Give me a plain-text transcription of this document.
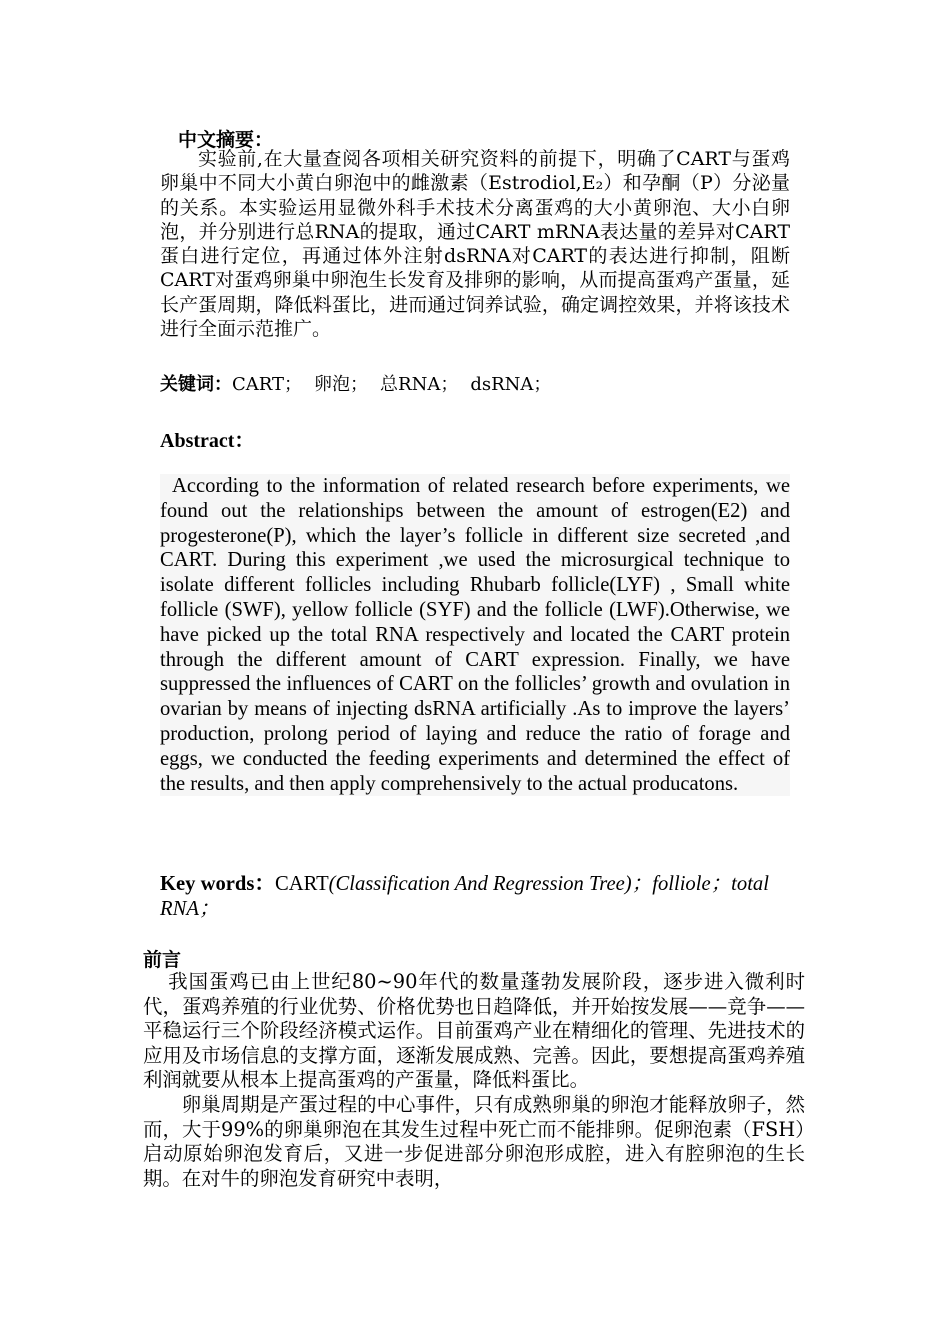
中文摘要：
实验前,在大量查阅各项相关研究资料的前提下，明确了CART与蛋鸡卵巢中不同大小黄白卵泡中的雌激素（Estrodiol,E₂）和孕酮（P）分泌量的关系。本实验运用显微外科手术技术分离蛋鸡的大小黄卵泡、大小白卵泡，并分别进行总RNA的提取，通过CART mRNA表达量的差异对CART蛋白进行定位，再通过体外注射dsRNA对CART的表达进行抑制，阻断CART对蛋鸡卵巢中卵泡生长发育及排卵的影响，从而提高蛋鸡产蛋量，延长产蛋周期，降低料蛋比，进而通过饲养试验，确定调控效果，并将该技术进行全面示范推广。
关键词：CART； 卵泡； 总RNA； dsRNA；
Abstract：
According to the information of related research before experiments, we found out the relationships between the amount of estrogen(E2) and progesterone(P), which the layer’s follicle in different size secreted ,and CART. During this experiment ,we used the microsurgical technique to isolate different follicles including Rhubarb follicle(LYF) , Small white follicle (SWF), yellow follicle (SYF) and the follicle (LWF).Otherwise, we have picked up the total RNA respectively and located the CART protein through the different amount of CART expression. Finally, we have suppressed the influences of CART on the follicles’ growth and ovulation in ovarian by means of injecting dsRNA artificially .As to improve the layers’ production, prolong period of laying and reduce the ratio of forage and eggs, we conducted the feeding experiments and determined the effect of the results, and then apply comprehensively to the actual producatons.
Key words：CART(Classification And Regression Tree)；folliole；total RNA；
前言

我国蛋鸡已由上世纪80~90年代的数量蓬勃发展阶段，逐步进入微利时代，蛋鸡养殖的行业优势、价格优势也日趋降低，并开始按发展——竞争——平稳运行三个阶段经济模式运作。目前蛋鸡产业在精细化的管理、先进技术的应用及市场信息的支撑方面，逐渐发展成熟、完善。因此，要想提高蛋鸡养殖利润就要从根本上提高蛋鸡的产蛋量，降低料蛋比。

卵巢周期是产蛋过程的中心事件，只有成熟卵巢的卵泡才能释放卵子，然而，大于99%的卵巢卵泡在其发生过程中死亡而不能排卵。促卵泡素（FSH）启动原始卵泡发育后，又进一步促进部分卵泡形成腔，进入有腔卵泡的生长期。在对牛的卵泡发育研究中表明，
